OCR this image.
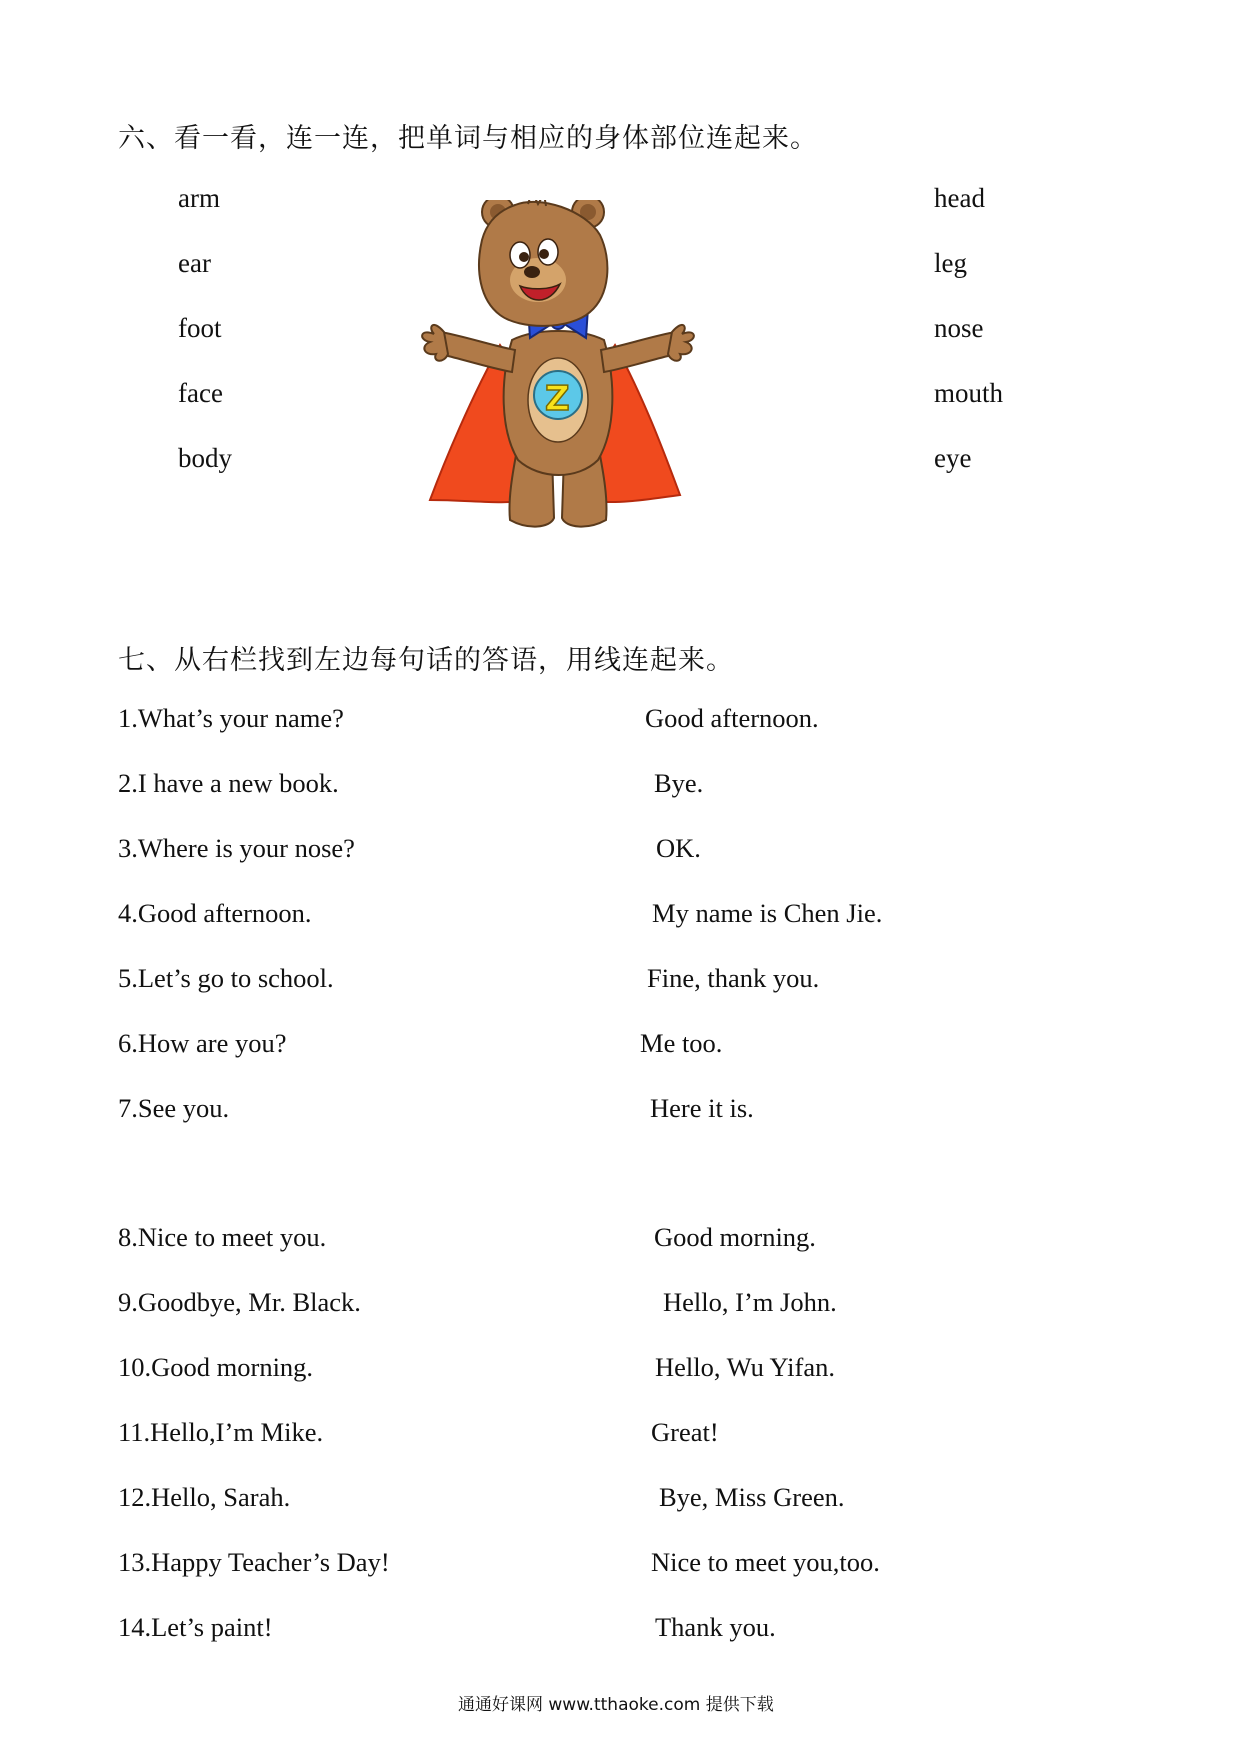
六、看一看，连一连，把单词与相应的身体部位连起来。
arm
ear
foot
face
body
head
leg
nose
mouth
eye
Z
七、从右栏找到左边每句话的答语，用线连起来。
1.What’s your name?
2.I have a new book.
3.Where is your nose?
4.Good afternoon.
5.Let’s go to school.
6.How are you?
7.See you.
Good afternoon.
Bye.
OK.
My name is Chen Jie.
Fine, thank you.
Me too.
Here it is.
8.Nice to meet you.
9.Goodbye, Mr. Black.
10.Good morning.
11.Hello,I’m Mike.
12.Hello, Sarah.
13.Happy Teacher’s Day!
14.Let’s paint!
Good morning.
Hello, I’m John.
Hello, Wu Yifan.
Great!
Bye, Miss Green.
Nice to meet you,too.
Thank you.
通通好课网 www.tthaoke.com 提供下载
